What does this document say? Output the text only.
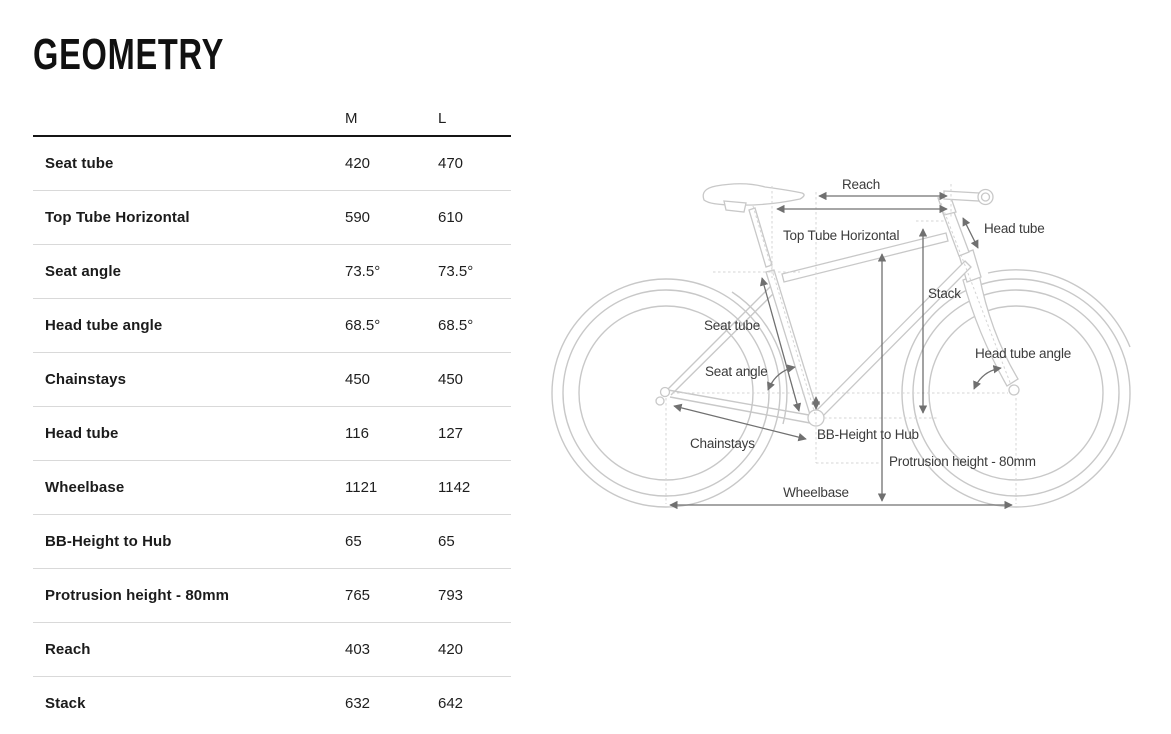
GEOMETRY
M	L
Seat tube	420	470
Top Tube Horizontal	590	610
Seat angle	73.5°	73.5°
Head tube angle	68.5°	68.5°
Chainstays	450	450
Head tube	116	127
Wheelbase	1121	1142
BB-Height to Hub	65	65
Protrusion height - 80mm	765	793
Reach	403	420
Stack	632	642
Reach
Top Tube Horizontal	Head tube
Stack
Seat tube
Seat angle
Head tube angle
Chainstays
BB-Height to Hub
Protrusion height - 80mm
Wheelbase
